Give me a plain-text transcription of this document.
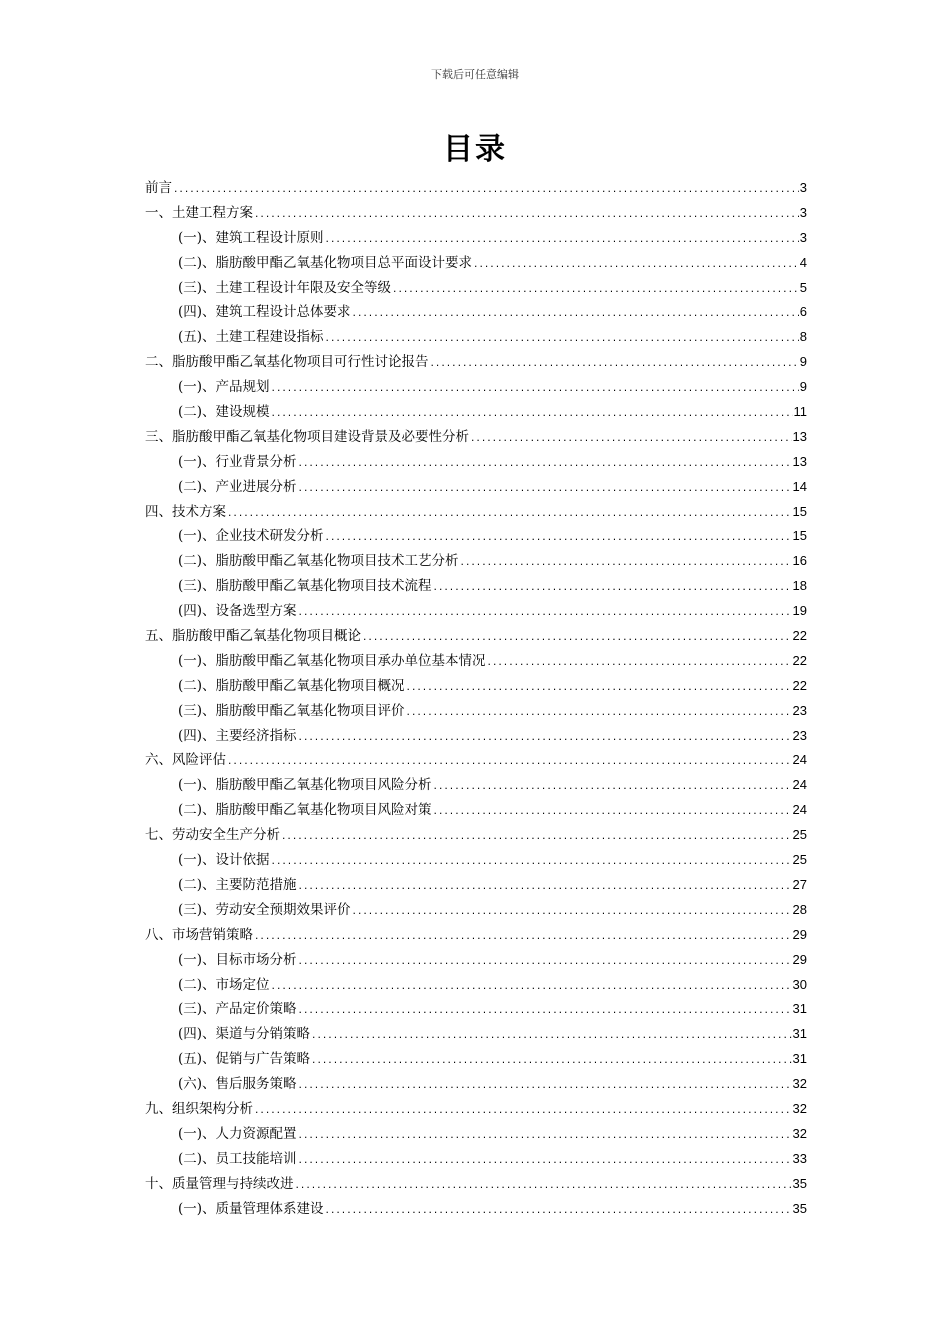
下载后可任意编辑
目录
前言 .....	3
一、土建工程方案 .....	3
(一)、建筑工程设计原则 .....	3
(二)、脂肪酸甲酯乙氧基化物项目总平面设计要求 .....	4
(三)、土建工程设计年限及安全等级 .....	5
(四)、建筑工程设计总体要求 .....	6
(五)、土建工程建设指标 .....	8
二、脂肪酸甲酯乙氧基化物项目可行性讨论报告 .....	9
(一)、产品规划 .....	9
(二)、建设规模 .....	11
三、脂肪酸甲酯乙氧基化物项目建设背景及必要性分析 .....	13
(一)、行业背景分析 .....	13
(二)、产业进展分析 .....	14
四、技术方案 .....	15
(一)、企业技术研发分析 .....	15
(二)、脂肪酸甲酯乙氧基化物项目技术工艺分析 .....	16
(三)、脂肪酸甲酯乙氧基化物项目技术流程 .....	18
(四)、设备选型方案 .....	19
五、脂肪酸甲酯乙氧基化物项目概论 .....	22
(一)、脂肪酸甲酯乙氧基化物项目承办单位基本情况 .....	22
(二)、脂肪酸甲酯乙氧基化物项目概况 .....	22
(三)、脂肪酸甲酯乙氧基化物项目评价 .....	23
(四)、主要经济指标 .....	23
六、风险评估 .....	24
(一)、脂肪酸甲酯乙氧基化物项目风险分析 .....	24
(二)、脂肪酸甲酯乙氧基化物项目风险对策 .....	24
七、劳动安全生产分析 .....	25
(一)、设计依据 .....	25
(二)、主要防范措施 .....	27
(三)、劳动安全预期效果评价 .....	28
八、市场营销策略 .....	29
(一)、目标市场分析 .....	29
(二)、市场定位 .....	30
(三)、产品定价策略 .....	31
(四)、渠道与分销策略 .....	31
(五)、促销与广告策略 .....	31
(六)、售后服务策略 .....	32
九、组织架构分析 .....	32
(一)、人力资源配置 .....	32
(二)、员工技能培训 .....	33
十、质量管理与持续改进 .....	35
(一)、质量管理体系建设 .....	35
